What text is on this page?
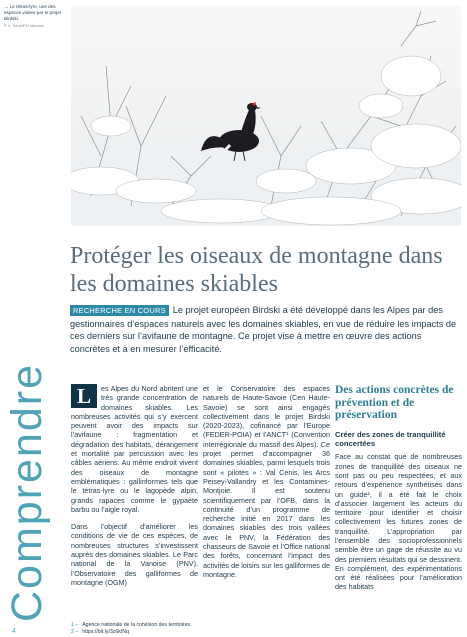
→ Le tétras-lyre, une des espèces visées par le projet Birdski.
© V. Séné/PN Vanoise
Protéger les oiseaux de montagne dans les domaines skiables

RECHERCHE EN COURS Le projet européen Birdski a été développé dans les Alpes par des gestionnaires d’espaces naturels avec les domaines skiables, en vue de réduire les impacts de ces derniers sur l’avifaune de montagne. Ce projet vise à mettre en œuvre des actions concrètes et à en mesurer l’efficacité.

Comprendre L	es Alpes du Nord abritent une très grande concentration de domaines skiables. Les nombreuses activités qui s’y exercent peuvent avoir des impacts sur l’avifaune : fragmentation et dégradation des habitats, dérangement et mortalité par percussion avec les câbles aériens. Au même endroit vivent des oiseaux de montagne emblématiques : gallinformes tels que le tétras-lyre ou le lagopède alpin, grands rapaces comme le gypaète barbu ou l’aigle royal.

Dans l’objectif d’améliorer les conditions de vie de ces espèces, de nombreuses structures s’investissent auprès des domaines skiables. Le Parc national de la Vanoise (PNV), l’Observatoire des galliformes de montagne (OGM)

et le Conservatoire des espaces naturels de Haute-Savoie (Cen Haute-Savoie) se sont ainsi engagés collectivement dans le projet Birdski (2020-2023), cofinancé par l’Europe (FEDER-POIA) et l’ANCT¹ (Convention interrégionale du massif des Alpes). Ce projet permet d’accompagner 36 domaines skiables, parmi lesquels trois sont « pilotes » : Val Cenis, les Arcs Peisey-Vallandry et les Contamines-Montjoie. Il est soutenu scientifiquement par l’OFB, dans la continuité d’un programme de recherche initié en 2017 dans les domaines skiables des trois vallées avec le PNV, la Fédération des chasseurs de Savoie et l’Office national des forêts, concernant l’impact des activités de loisirs sur les galliformes de montagne.

Des actions concrètes de prévention et de préservation
Créer des zones de tranquillité concertées

Face au constat que de nombreuses zones de tranquillité des oiseaux ne sont pas ou peu respectées, et aux retours d’expérience synthétisés dans un guide², il a été fait le choix d’associer largement les acteurs du territoire pour identifier et choisir collectivement les futures zones de tranquillité. L’appropriation par l’ensemble des socioprofessionnels semble être un gage de réussite au vu des premiers résultats qui se dessinent. En complément, des expérimentations ont été réalisées pour l’amélioration des habitats

1 – Agence nationale de la cohésion des territoires.
2 – https://bit.ly/3z6kINq
4
